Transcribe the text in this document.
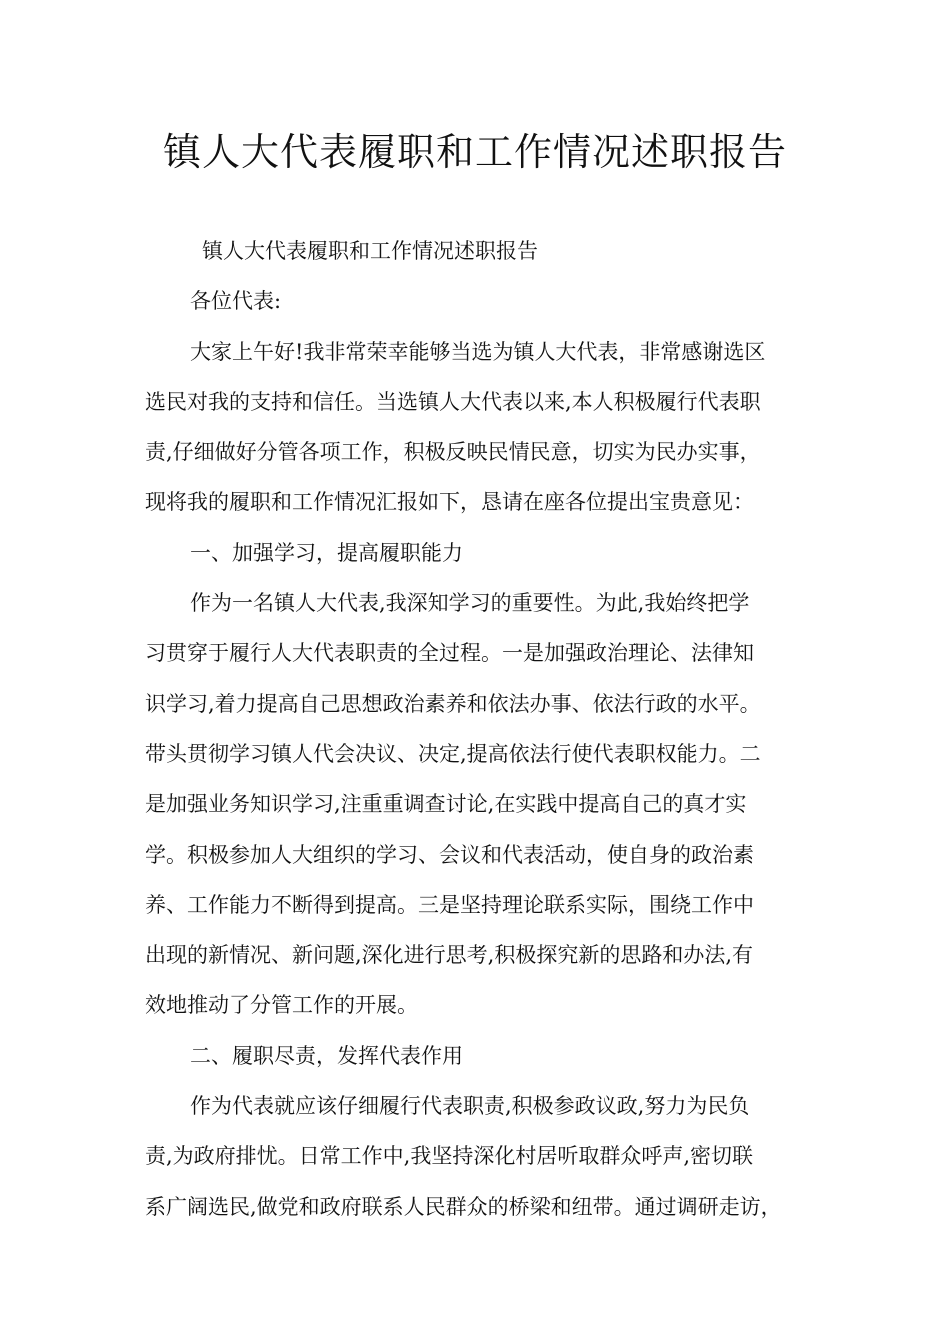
镇人大代表履职和工作情况述职报告
镇人大代表履职和工作情况述职报告
各位代表:
大家上午好!我非常荣幸能够当选为镇人大代表，非常感谢选区
选民对我的支持和信任。当选镇人大代表以来,本人积极履行代表职
责,仔细做好分管各项工作，积极反映民情民意，切实为民办实事，
现将我的履职和工作情况汇报如下，恳请在座各位提出宝贵意见：
一、加强学习，提高履职能力
作为一名镇人大代表,我深知学习的重要性。为此,我始终把学
习贯穿于履行人大代表职责的全过程。一是加强政治理论、法律知
识学习,着力提高自己思想政治素养和依法办事、依法行政的水平。
带头贯彻学习镇人代会决议、决定,提高依法行使代表职权能力。二
是加强业务知识学习,注重重调查讨论,在实践中提高自己的真才实
学。积极参加人大组织的学习、会议和代表活动，使自身的政治素
养、工作能力不断得到提高。三是坚持理论联系实际，围绕工作中
出现的新情况、新问题,深化进行思考,积极探究新的思路和办法,有
效地推动了分管工作的开展。
二、履职尽责，发挥代表作用
作为代表就应该仔细履行代表职责,积极参政议政,努力为民负
责,为政府排忧。日常工作中,我坚持深化村居听取群众呼声,密切联
系广阔选民,做党和政府联系人民群众的桥梁和纽带。通过调研走访，
